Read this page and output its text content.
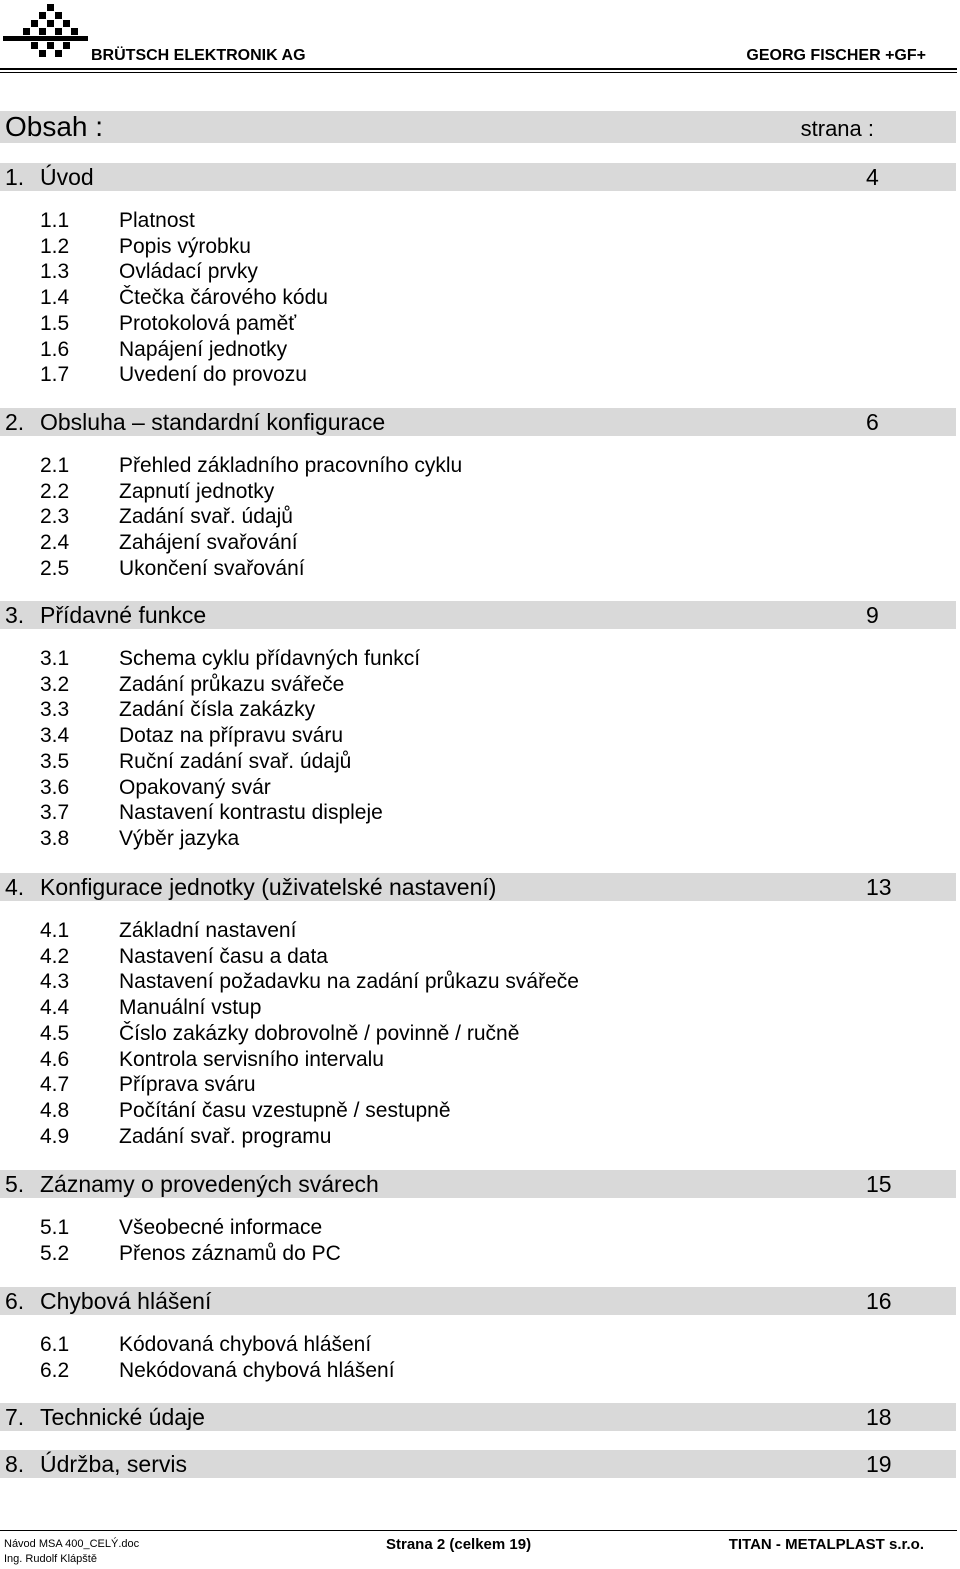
BRÜTSCH ELEKTRONIK AG	GEORG FISCHER +GF+
Obsah :	strana :
1. Úvod	4
1.1 Platnost
1.2 Popis výrobku
1.3 Ovládací prvky
1.4 Čtečka čárového kódu
1.5 Protokolová paměť
1.6 Napájení jednotky
1.7 Uvedení do provozu
2. Obsluha – standardní konfigurace	6
2.1 Přehled základního pracovního cyklu
2.2 Zapnutí jednotky
2.3 Zadání svař. údajů
2.4 Zahájení svařování
2.5 Ukončení svařování
3. Přídavné funkce	9
3.1 Schema cyklu přídavných funkcí
3.2 Zadání průkazu svářeče
3.3 Zadání čísla zakázky
3.4 Dotaz na přípravu sváru
3.5 Ruční zadání svař. údajů
3.6 Opakovaný svár
3.7 Nastavení kontrastu displeje
3.8 Výběr jazyka
4. Konfigurace jednotky (uživatelské nastavení)	13
4.1 Základní nastavení
4.2 Nastavení času a data
4.3 Nastavení požadavku na zadání průkazu svářeče
4.4 Manuální vstup
4.5 Číslo zakázky dobrovolně / povinně / ručně
4.6 Kontrola servisního intervalu
4.7 Příprava sváru
4.8 Počítání času vzestupně / sestupně
4.9 Zadání svař. programu
5. Záznamy o provedených svárech	15
5.1 Všeobecné informace
5.2 Přenos záznamů do PC
6. Chybová hlášení	16
6.1 Kódovaná chybová hlášení
6.2 Nekódovaná chybová hlášení
7. Technické údaje	18
8. Údržba, servis	19
Návod MSA 400_CELÝ.doc
Ing. Rudolf Klápště
Strana 2 (celkem 19)	TITAN - METALPLAST s.r.o.
